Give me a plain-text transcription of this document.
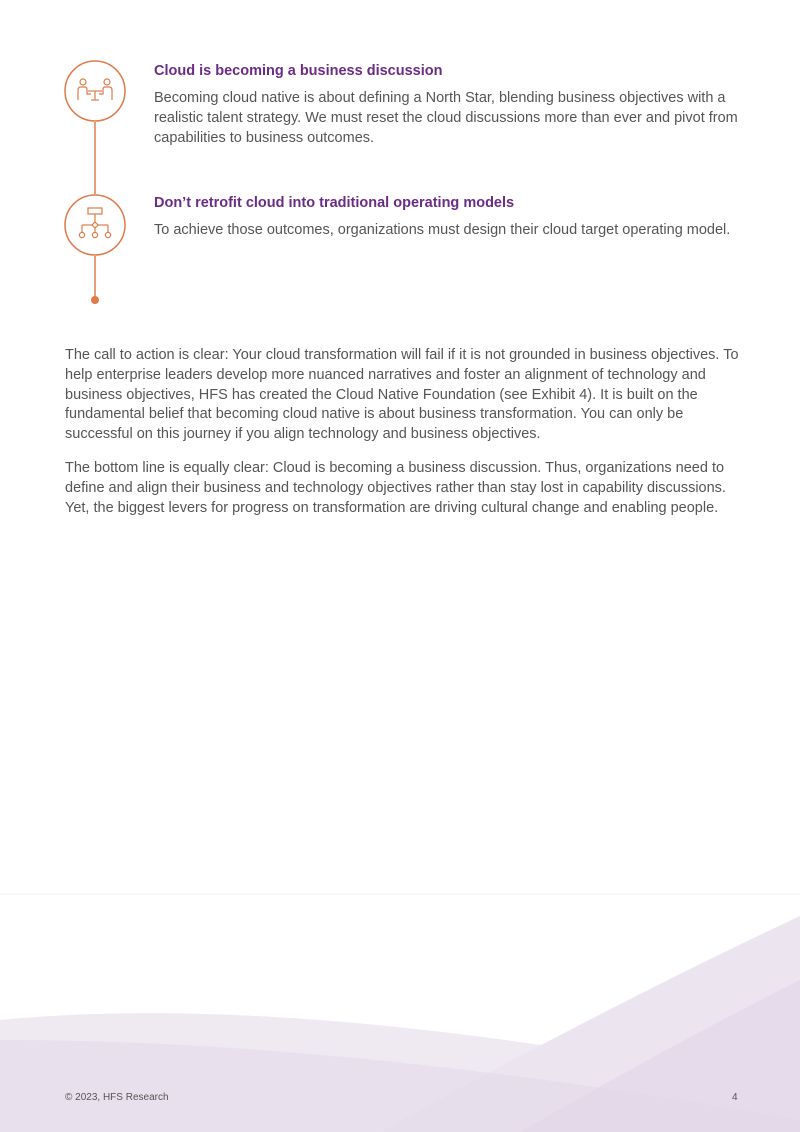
Cloud is becoming a business discussion

Becoming cloud native is about defining a North Star, blending business objectives with a realistic talent strategy. We must reset the cloud discussions more than ever and pivot from capabilities to business outcomes.

Don’t retrofit cloud into traditional operating models

To achieve those outcomes, organizations must design their cloud target operating model.

The call to action is clear: Your cloud transformation will fail if it is not grounded in business objectives. To help enterprise leaders develop more nuanced narratives and foster an alignment of technology and business objectives, HFS has created the Cloud Native Foundation (see Exhibit 4). It is built on the fundamental belief that becoming cloud native is about business transformation. You can only be successful on this journey if you align technology and business objectives.

The bottom line is equally clear: Cloud is becoming a business discussion. Thus, organizations need to define and align their business and technology objectives rather than stay lost in capability discussions. Yet, the biggest levers for progress on transformation are driving cultural change and enabling people.

© 2023, HFS Research	4
